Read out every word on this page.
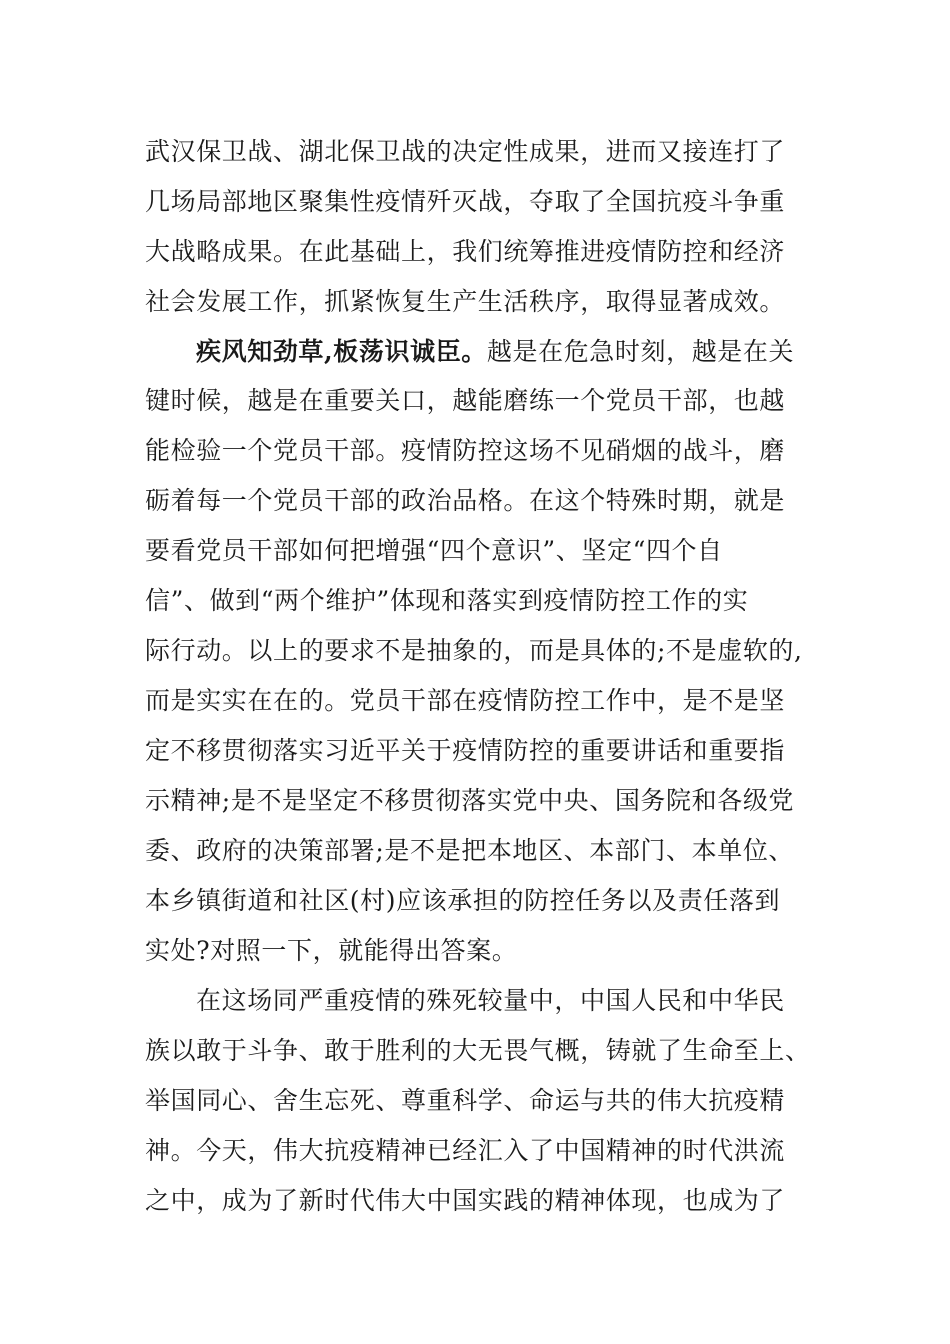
武汉保卫战、湖北保卫战的决定性成果，进而又接连打了
几场局部地区聚集性疫情歼灭战，夺取了全国抗疫斗争重
大战略成果。在此基础上，我们统筹推进疫情防控和经济
社会发展工作，抓紧恢复生产生活秩序，取得显著成效。
疾风知劲草,板荡识诚臣。越是在危急时刻，越是在关
键时候，越是在重要关口，越能磨练一个党员干部，也越
能检验一个党员干部。疫情防控这场不见硝烟的战斗，磨
砺着每一个党员干部的政治品格。在这个特殊时期，就是
要看党员干部如何把增强“四个意识”、坚定“四个自
信”、做到“两个维护”体现和落实到疫情防控工作的实
际行动。以上的要求不是抽象的，而是具体的;不是虚软的,
而是实实在在的。党员干部在疫情防控工作中，是不是坚
定不移贯彻落实习近平关于疫情防控的重要讲话和重要指
示精神;是不是坚定不移贯彻落实党中央、国务院和各级党
委、政府的决策部署;是不是把本地区、本部门、本单位、
本乡镇街道和社区(村)应该承担的防控任务以及责任落到
实处?对照一下，就能得出答案。
在这场同严重疫情的殊死较量中，中国人民和中华民
族以敢于斗争、敢于胜利的大无畏气概，铸就了生命至上、
举国同心、舍生忘死、尊重科学、命运与共的伟大抗疫精
神。今天，伟大抗疫精神已经汇入了中国精神的时代洪流
之中，成为了新时代伟大中国实践的精神体现，也成为了
